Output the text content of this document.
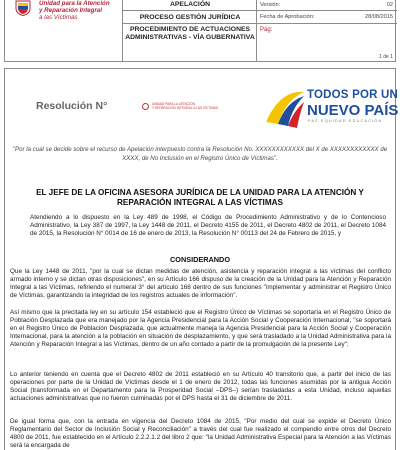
Unidad para la Atención
y Reparación Integral
a las Víctimas
APELACIÓN
PROCESO GESTIÓN JURÍDICA
PROCEDIMIENTO DE ACTUACIONES ADMINISTRATIVAS - VÍA GUBERNATIVA
Versión:	02
Fecha de Aprobación:	28/08/2015
Pág:
1 de 1
Resolución N°	UNIDAD PARA LA ATENCIÓN
Y REPARACIÓN INTEGRAL A LAS VÍCTIMAS
TODOS POR UN
NUEVO PAÍS
PAZ EQUIDAD EDUCACIÓN
"Por la cual se decide sobre el recurso de Apelación interpuesto contra la Resolución No. XXXXXXXXXXXX del X de XXXXXXXXXXXX de XXXX, de No Inclusión en el Registro Único de Víctimas".
EL JEFE DE LA OFICINA ASESORA JURÍDICA DE LA UNIDAD PARA LA ATENCIÓN Y REPARACIÓN INTEGRAL A LAS VÍCTIMAS
Atendiendo a lo dispuesto en la Ley 489 de 1998, el Código de Procedimiento Administrativo y de lo Contencioso Administrativo, la Ley 387 de 1997, la Ley 1448 de 2011, el Decreto 4155 de 2011, el Decreto 4802 de 2011, el Decreto 1084 de 2015, la Resolución N° 0014 de 16 de enero de 2013, la Resolución N° 00113 del 24 de Febrero de 2015, y
CONSIDERANDO
Que la Ley 1448 de 2011, "por la cual se dictan medidas de atención, asistencia y reparación integral a las víctimas del conflicto armado interno y se dictan otras disposiciones", en su Artículo 166 dispuso de la creación de la Unidad para la Atención y Reparación Integral a las Víctimas, refiriendo el numeral 3° del artículo 168 dentro de sus funciones "implementar y administrar el Registro Único de Víctimas, garantizando la integridad de los registros actuales de información".
Así mismo que la precitada ley en su artículo 154 estableció que el Registro Único de Víctimas se soportaría en el Registro Único de Población Desplazada que era manejado por la Agencia Presidencial para la Acción Social y Cooperación Internacional, "se soportará en el Registro Único de Población Desplazada, que actualmente maneja la Agencia Presidencial para la Acción Social y Cooperación Internacional, para la atención a la población en situación de desplazamiento, y que será trasladado a la Unidad Administrativa para la Atención y Reparación Integral a las Víctimas, dentro de un año contado a partir de la promulgación de la presente Ley";
Lo anterior teniendo en cuenta que el Decreto 4802 de 2011 estableció en su Artículo 40 transitorio que, a partir del inicio de las operaciones por parte de la Unidad de Víctimas desde el 1 de enero de 2012, todas las funciones asumidas por la antigua Acción Social (transformada en el Departamento para la Prosperidad Social –DPS–) serían trasladadas a esta Unidad, incluso aquellas actuaciones administrativas que no fueron culminadas por el DPS hasta el 31 de diciembre de 2011.
De igual forma que, con la entrada en vigencia del Decreto 1084 de 2015, "Por medio del cual se expide el Decreto Único Reglamentario del Sector de Inclusión Social y Reconciliación" a través del cual fue realizado el compendio entre otros del Decreto 4800 de 2011, fue establecido en el Artículo 2.2.2.1.2 del libro 2 que: "la Unidad Administrativa Especial para la Atención a las Víctimas será la encargada de
